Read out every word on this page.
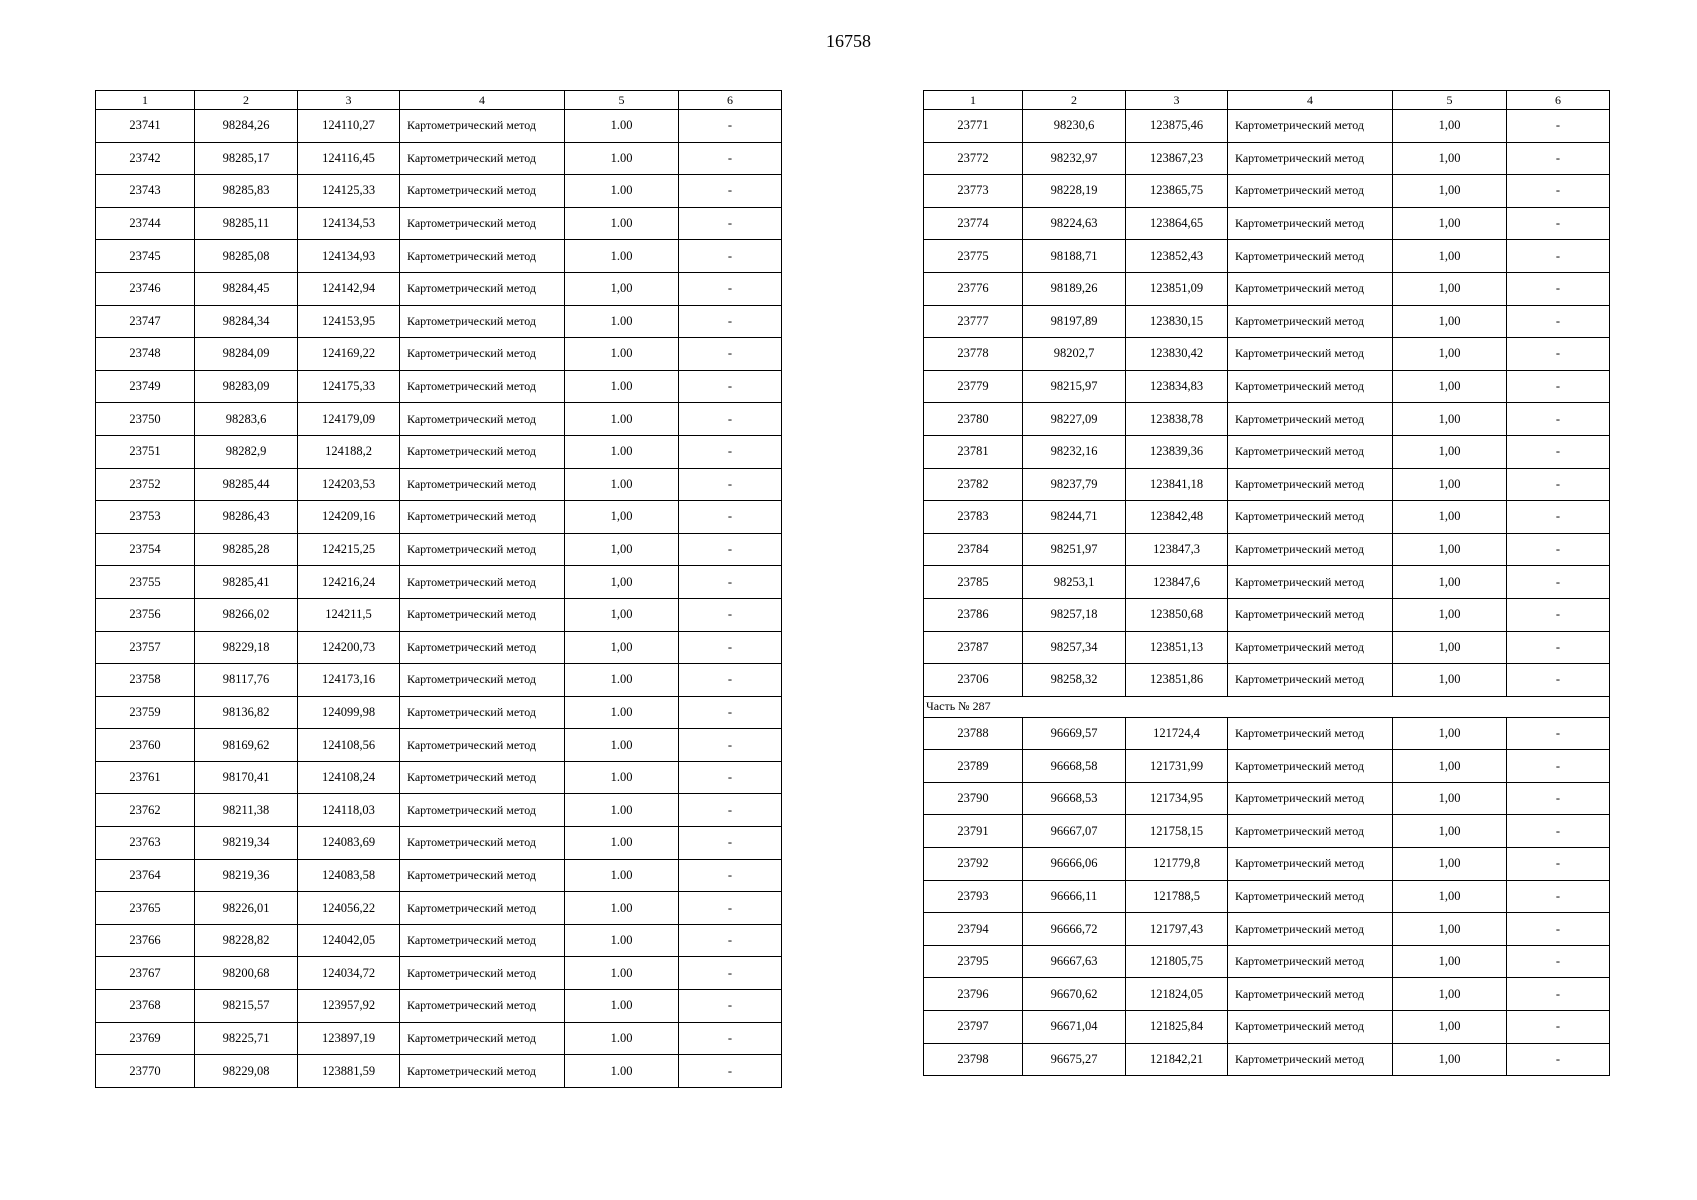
16758
1	2	3	4	5	6
23741	98284,26	124110,27	Картометрический метод	1.00	-
23742	98285,17	124116,45	Картометрический метод	1.00	-
23743	98285,83	124125,33	Картометрический метод	1.00	-
23744	98285,11	124134,53	Картометрический метод	1.00	-
23745	98285,08	124134,93	Картометрический метод	1.00	-
23746	98284,45	124142,94	Картометрический метод	1,00	-
23747	98284,34	124153,95	Картометрический метод	1.00	-
23748	98284,09	124169,22	Картометрический метод	1.00	-
23749	98283,09	124175,33	Картометрический метод	1.00	-
23750	98283,6	124179,09	Картометрический метод	1.00	-
23751	98282,9	124188,2	Картометрический метод	1.00	-
23752	98285,44	124203,53	Картометрический метод	1.00	-
23753	98286,43	124209,16	Картометрический метод	1,00	-
23754	98285,28	124215,25	Картометрический метод	1,00	-
23755	98285,41	124216,24	Картометрический метод	1,00	-
23756	98266,02	124211,5	Картометрический метод	1,00	-
23757	98229,18	124200,73	Картометрический метод	1,00	-
23758	98117,76	124173,16	Картометрический метод	1.00	-
23759	98136,82	124099,98	Картометрический метод	1.00	-
23760	98169,62	124108,56	Картометрический метод	1.00	-
23761	98170,41	124108,24	Картометрический метод	1.00	-
23762	98211,38	124118,03	Картометрический метод	1.00	-
23763	98219,34	124083,69	Картометрический метод	1.00	-
23764	98219,36	124083,58	Картометрический метод	1.00	-
23765	98226,01	124056,22	Картометрический метод	1.00	-
23766	98228,82	124042,05	Картометрический метод	1.00	-
23767	98200,68	124034,72	Картометрический метод	1.00	-
23768	98215,57	123957,92	Картометрический метод	1.00	-
23769	98225,71	123897,19	Картометрический метод	1.00	-
23770	98229,08	123881,59	Картометрический метод	1.00	-
1	2	3	4	5	6
23771	98230,6	123875,46	Картометрический метод	1,00	-
23772	98232,97	123867,23	Картометрический метод	1,00	-
23773	98228,19	123865,75	Картометрический метод	1,00	-
23774	98224,63	123864,65	Картометрический метод	1,00	-
23775	98188,71	123852,43	Картометрический метод	1,00	-
23776	98189,26	123851,09	Картометрический метод	1,00	-
23777	98197,89	123830,15	Картометрический метод	1,00	-
23778	98202,7	123830,42	Картометрический метод	1,00	-
23779	98215,97	123834,83	Картометрический метод	1,00	-
23780	98227,09	123838,78	Картометрический метод	1,00	-
23781	98232,16	123839,36	Картометрический метод	1,00	-
23782	98237,79	123841,18	Картометрический метод	1,00	-
23783	98244,71	123842,48	Картометрический метод	1,00	-
23784	98251,97	123847,3	Картометрический метод	1,00	-
23785	98253,1	123847,6	Картометрический метод	1,00	-
23786	98257,18	123850,68	Картометрический метод	1,00	-
23787	98257,34	123851,13	Картометрический метод	1,00	-
23706	98258,32	123851,86	Картометрический метод	1,00	-
Часть № 287					
23788	96669,57	121724,4	Картометрический метод	1,00	-
23789	96668,58	121731,99	Картометрический метод	1,00	-
23790	96668,53	121734,95	Картометрический метод	1,00	-
23791	96667,07	121758,15	Картометрический метод	1,00	-
23792	96666,06	121779,8	Картометрический метод	1,00	-
23793	96666,11	121788,5	Картометрический метод	1,00	-
23794	96666,72	121797,43	Картометрический метод	1,00	-
23795	96667,63	121805,75	Картометрический метод	1,00	-
23796	96670,62	121824,05	Картометрический метод	1,00	-
23797	96671,04	121825,84	Картометрический метод	1,00	-
23798	96675,27	121842,21	Картометрический метод	1,00	-
